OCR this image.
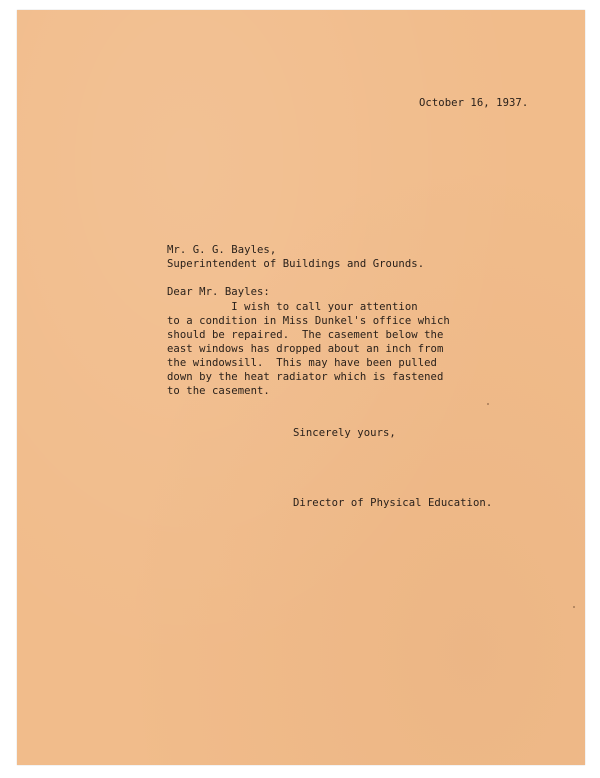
October 16, 1937.

Mr. G. G. Bayles,

Superintendent of Buildings and Grounds.

Dear Mr. Bayles:

I wish to call your attention

to a condition in Miss Dunkel's office which

should be repaired.  The casement below the

east windows has dropped about an inch from

the windowsill.  This may have been pulled

down by the heat radiator which is fastened

to the casement.

Sincerely yours,

Director of Physical Education.
